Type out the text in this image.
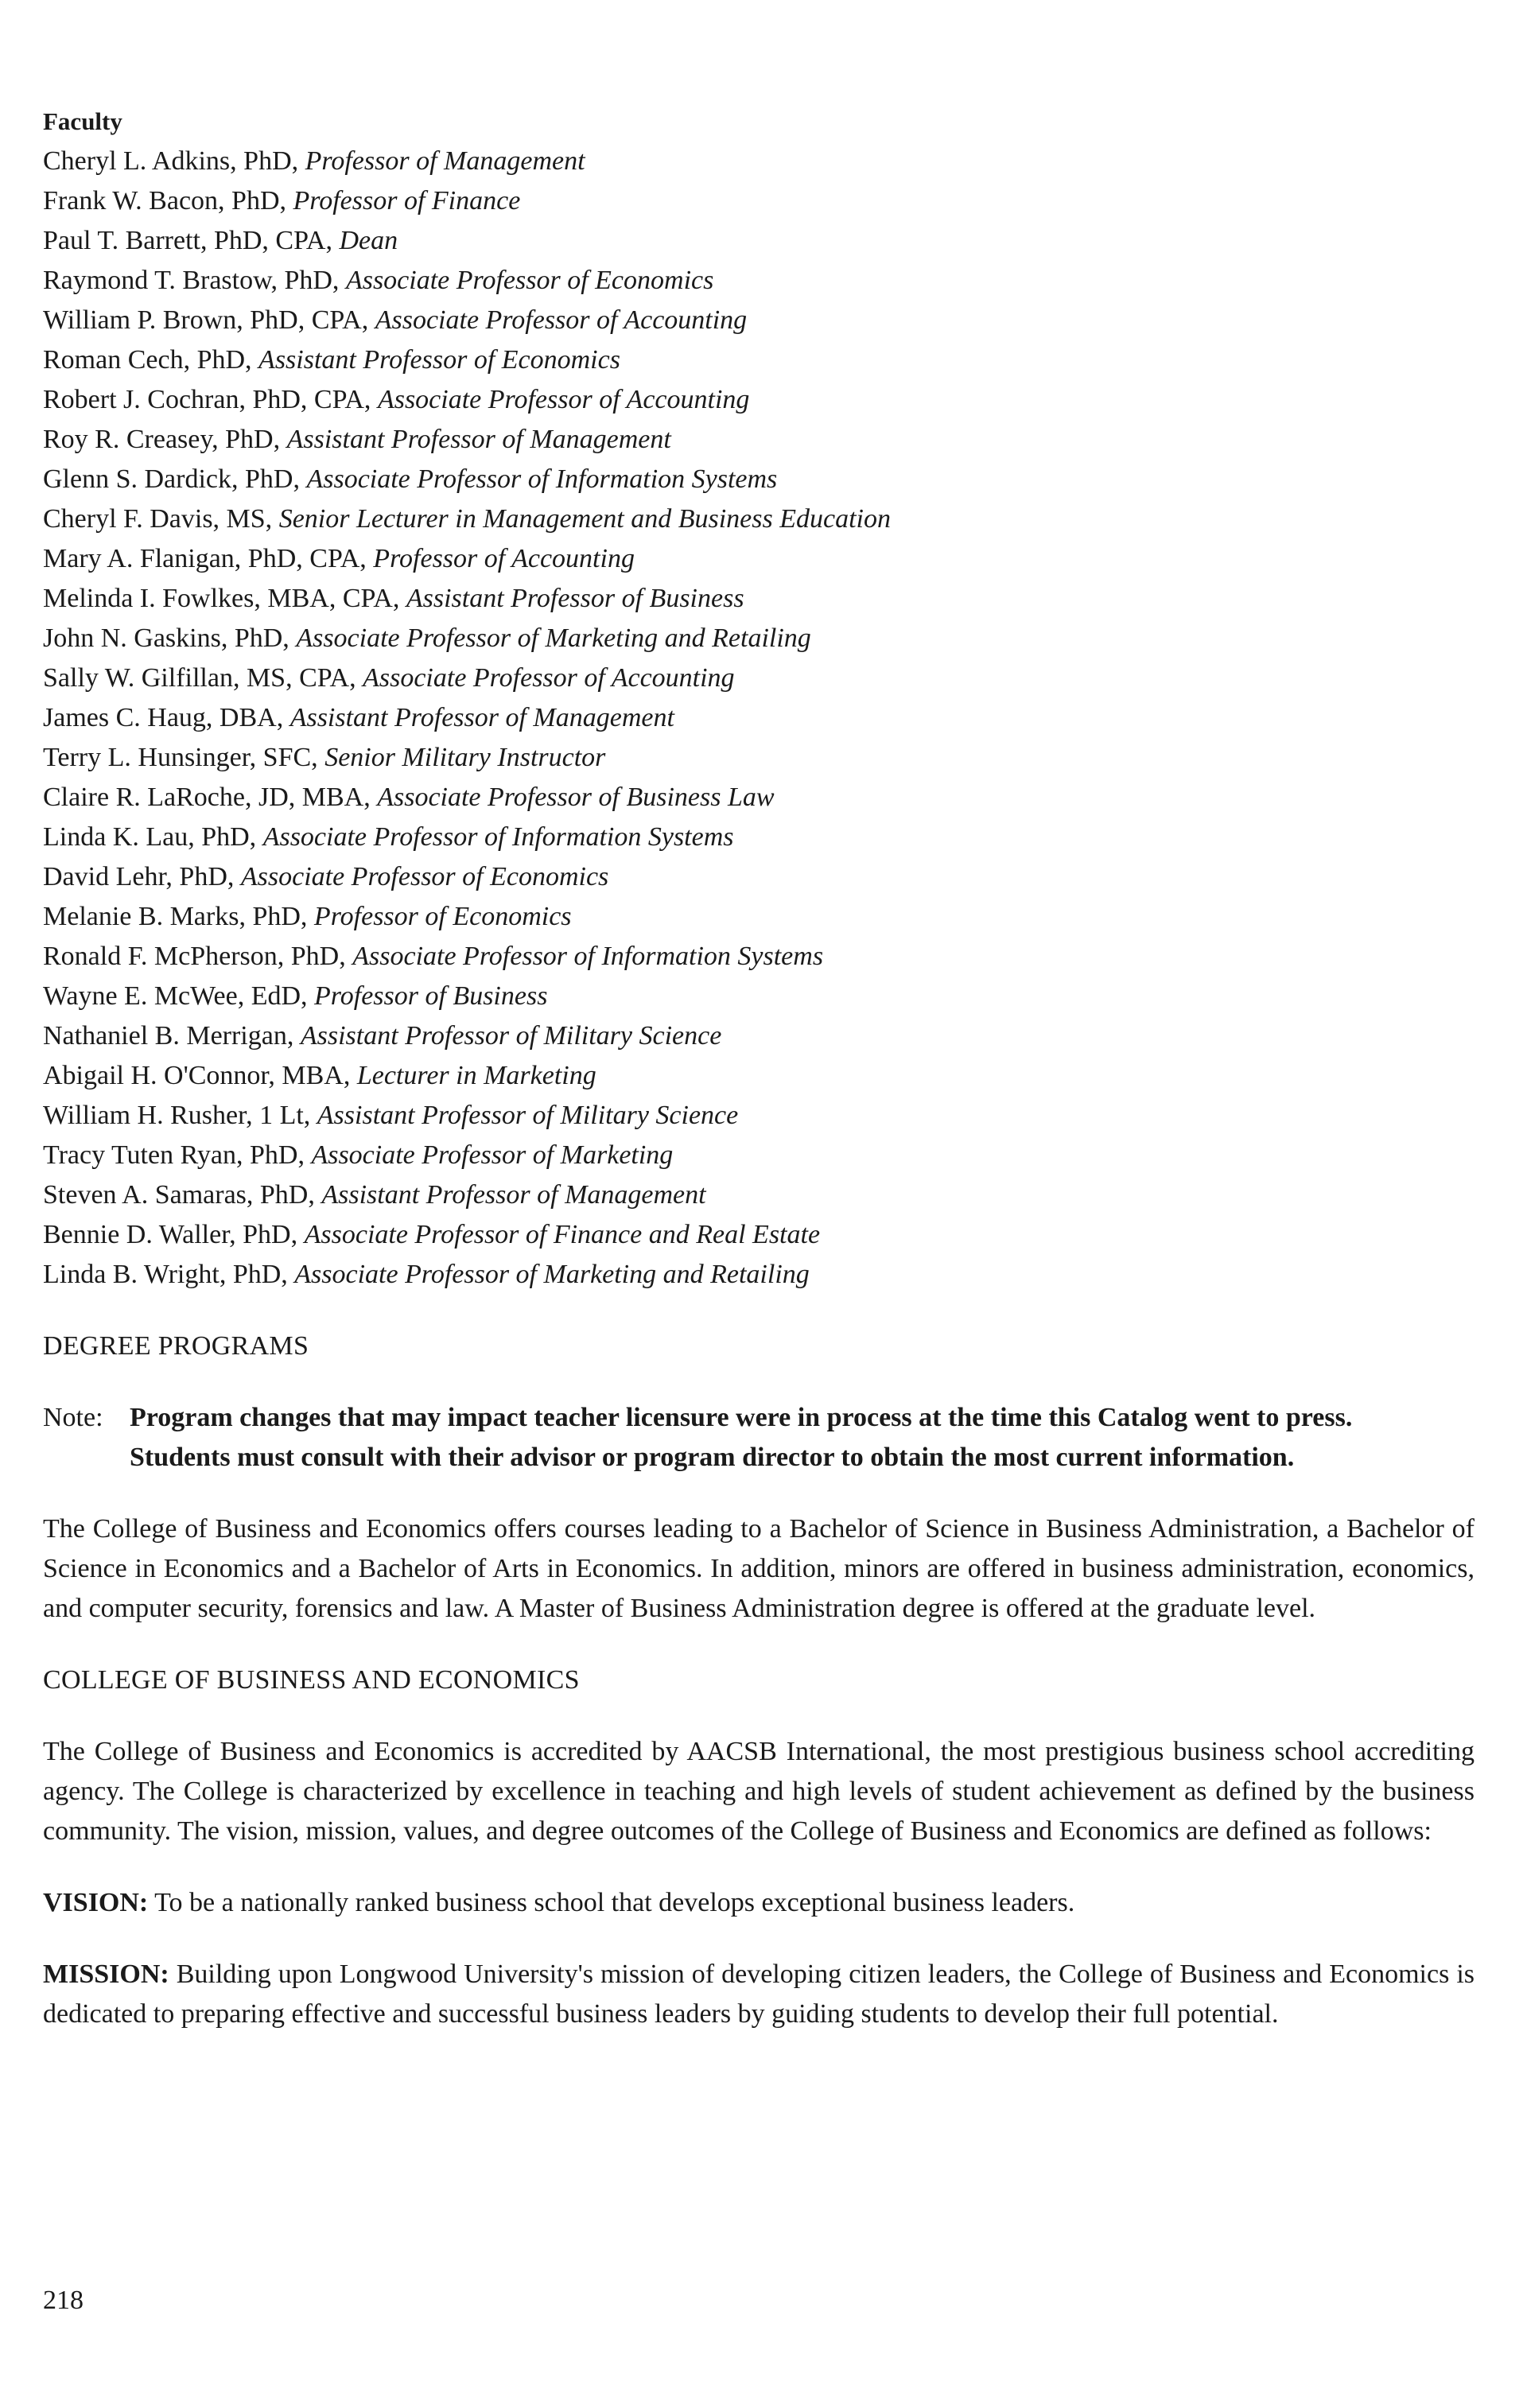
Faculty
Cheryl L. Adkins, PhD, Professor of Management
Frank W. Bacon, PhD, Professor of Finance
Paul T. Barrett, PhD, CPA, Dean
Raymond T. Brastow, PhD, Associate Professor of Economics
William P. Brown, PhD, CPA, Associate Professor of Accounting
Roman Cech, PhD, Assistant Professor of Economics
Robert J. Cochran, PhD, CPA, Associate Professor of Accounting
Roy R. Creasey, PhD, Assistant Professor of Management
Glenn S. Dardick, PhD, Associate Professor of Information Systems
Cheryl F. Davis, MS, Senior Lecturer in Management and Business Education
Mary A. Flanigan, PhD, CPA, Professor of Accounting
Melinda I. Fowlkes, MBA, CPA, Assistant Professor of Business
John N. Gaskins, PhD, Associate Professor of Marketing and Retailing
Sally W. Gilfillan, MS, CPA, Associate Professor of Accounting
James C. Haug, DBA, Assistant Professor of Management
Terry L. Hunsinger, SFC, Senior Military Instructor
Claire R. LaRoche, JD, MBA, Associate Professor of Business Law
Linda K. Lau, PhD, Associate Professor of Information Systems
David Lehr, PhD, Associate Professor of Economics
Melanie B. Marks, PhD, Professor of Economics
Ronald F. McPherson, PhD, Associate Professor of Information Systems
Wayne E. McWee, EdD, Professor of Business
Nathaniel B. Merrigan, Assistant Professor of Military Science
Abigail H. O'Connor, MBA, Lecturer in Marketing
William H. Rusher, 1 Lt, Assistant Professor of Military Science
Tracy Tuten Ryan, PhD, Associate Professor of Marketing
Steven A. Samaras, PhD, Assistant Professor of Management
Bennie D. Waller, PhD, Associate Professor of Finance and Real Estate
Linda B. Wright, PhD, Associate Professor of Marketing and Retailing
DEGREE PROGRAMS
Note: Program changes that may impact teacher licensure were in process at the time this Catalog went to press. Students must consult with their advisor or program director to obtain the most current information.

The College of Business and Economics offers courses leading to a Bachelor of Science in Business Administration, a Bachelor of Science in Economics and a Bachelor of Arts in Economics. In addition, minors are offered in business administration, economics, and computer security, forensics and law. A Master of Business Administration degree is offered at the graduate level.

COLLEGE OF BUSINESS AND ECONOMICS

The College of Business and Economics is accredited by AACSB International, the most prestigious business school accrediting agency. The College is characterized by excellence in teaching and high levels of student achievement as defined by the business community. The vision, mission, values, and degree outcomes of the College of Business and Economics are defined as follows:

VISION: To be a nationally ranked business school that develops exceptional business leaders.

MISSION: Building upon Longwood University's mission of developing citizen leaders, the College of Business and Economics is dedicated to preparing effective and successful business leaders by guiding students to develop their full potential.

218
